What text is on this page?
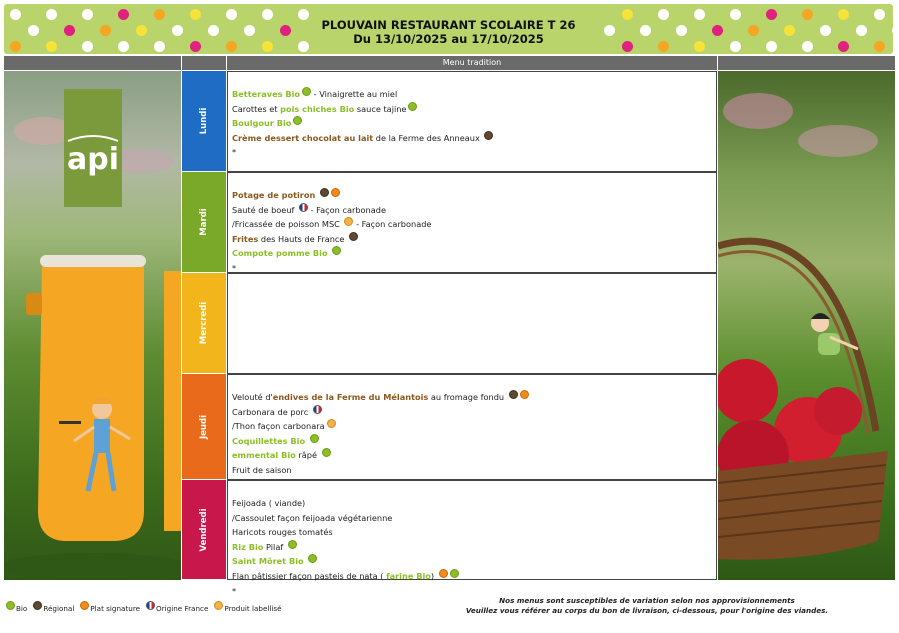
PLOUVAIN RESTAURANT SCOLAIRE T 26
Du 13/10/2025 au 17/10/2025
Menu tradition
api
Lundi
Mardi
Mercredi
Jeudi
Vendredi
Betteraves Bio - Vinaigrette au miel
Carottes et pois chiches Bio sauce tajine
Boulgour Bio
Crème dessert chocolat au lait de la Ferme des Anneaux
*
Potage de potiron
Sauté de boeuf  - Façon carbonade
/Fricassée de poisson MSC  - Façon carbonade
Frites des Hauts de France
Compote pomme Bio
*
Velouté d'endives de la Ferme du Mélantois au fromage fondu
Carbonara de porc
/Thon façon carbonara
Coquillettes Bio
emmental Bio râpé
Fruit de saison
Feijoada ( viande)
/Cassoulet façon feijoada végétarienne
Haricots rouges tomatés
Riz Bio Pilaf
Saint Môret Bio
Flan pâtissier façon pasteis de nata ( farine Bio)
*
Bio Régional Plat signature Origine France Produit labellisé
Nos menus sont susceptibles de variation selon nos approvisionnements
Veuillez vous référer au corps du bon de livraison, ci-dessous, pour l'origine des viandes.
